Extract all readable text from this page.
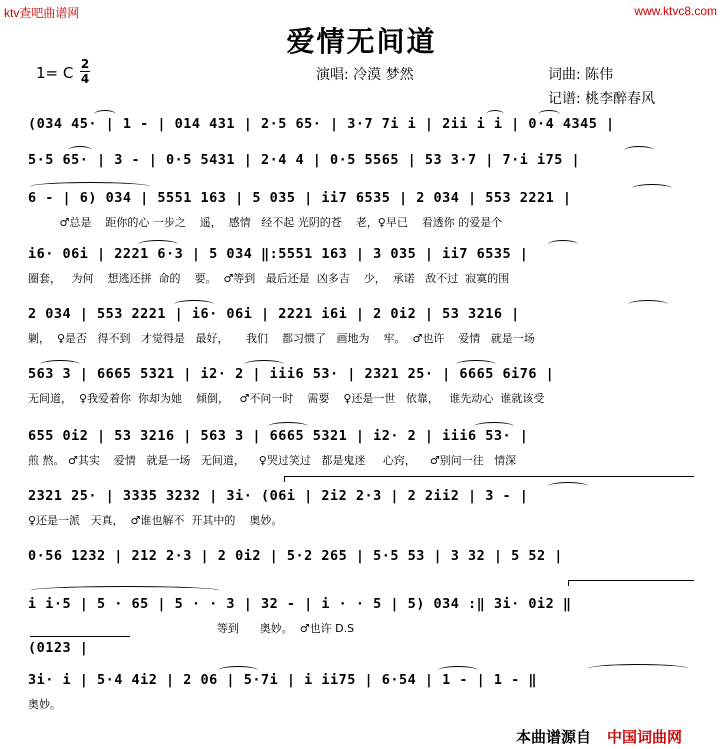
ktv查吧曲谱网	www.ktvc8.com
爱情无间道
1= C 2
4	演唱: 冷漠 梦然	词曲: 陈伟
记谱: 桃李醉春风
(034 45· | 1 - | 014 431 | 2·5 65· | 3·7 7i i | 2ii i i | 0·4 4345 |
5·5 65· | 3 - | 0·5 5431 | 2·4 4 | 0·5 5565 | 53 3·7 | 7·i i75 |
6 - | 6) 034 | 5551 163 | 5 035 | ii7 6535 | 2 034 | 553 2221 |
♂总是    距你的心 一步之    遥，  感情   经不起 光阴的苍    老，♀早已    看透你 的爱是个
i6· 06i | 2221 6·3 | 5 034 ‖:5551 163 | 3 035 | ii7 6535 |
圈套，   为何    想逃还拼  命的    要。  ♂等到   最后还是  凶多吉    少，  承诺   敌不过  寂寞的围
2 034 | 553 2221 | i6· 06i | 2221 i6i | 2 0i2 | 53 3216 |
剿，  ♀是否   得不到   才觉得是   最好，     我们    都习惯了   画地为    牢。  ♂也许    爱情   就是一场
563 3 | 6665 5321 | i2· 2 | iii6 53· | 2321 25· | 6665 6i76 |
无间道，  ♀我爱着你  你却为她    倾倒，   ♂不问一时    需要    ♀还是一世   依靠，   谁先动心  谁就该受
655 0i2 | 53 3216 | 563 3 | 6665 5321 | i2· 2 | iii6 53· |
煎 熬。 ♂其实    爱情   就是一场   无间道，    ♀哭过笑过   都是鬼迷     心窍，    ♂别问一往   情深
2321 25· | 3335 3232 | 3i· (06i | 2i2 2·3 | 2 2ii2 | 3 - |
♀还是一派   天真，  ♂谁也解不  开其中的    奥妙。
0·56 1232 | 212 2·3 | 2 0i2 | 5·2 265 | 5·5 53 | 3 32 | 5 52 |
i i·5 | 5 · 65 | 5 · · 3 | 32 - | i · · 5 | 5) 034 :‖ 3i· 0i2 ‖
等到      奥妙。  ♂也许 D.S
(0123 |
3i· i | 5·4 4i2 | 2 06 | 5·7i | i ii75 | 6·54 | 1 - | 1 - ‖
奥妙。
本曲谱源自 中国词曲网
